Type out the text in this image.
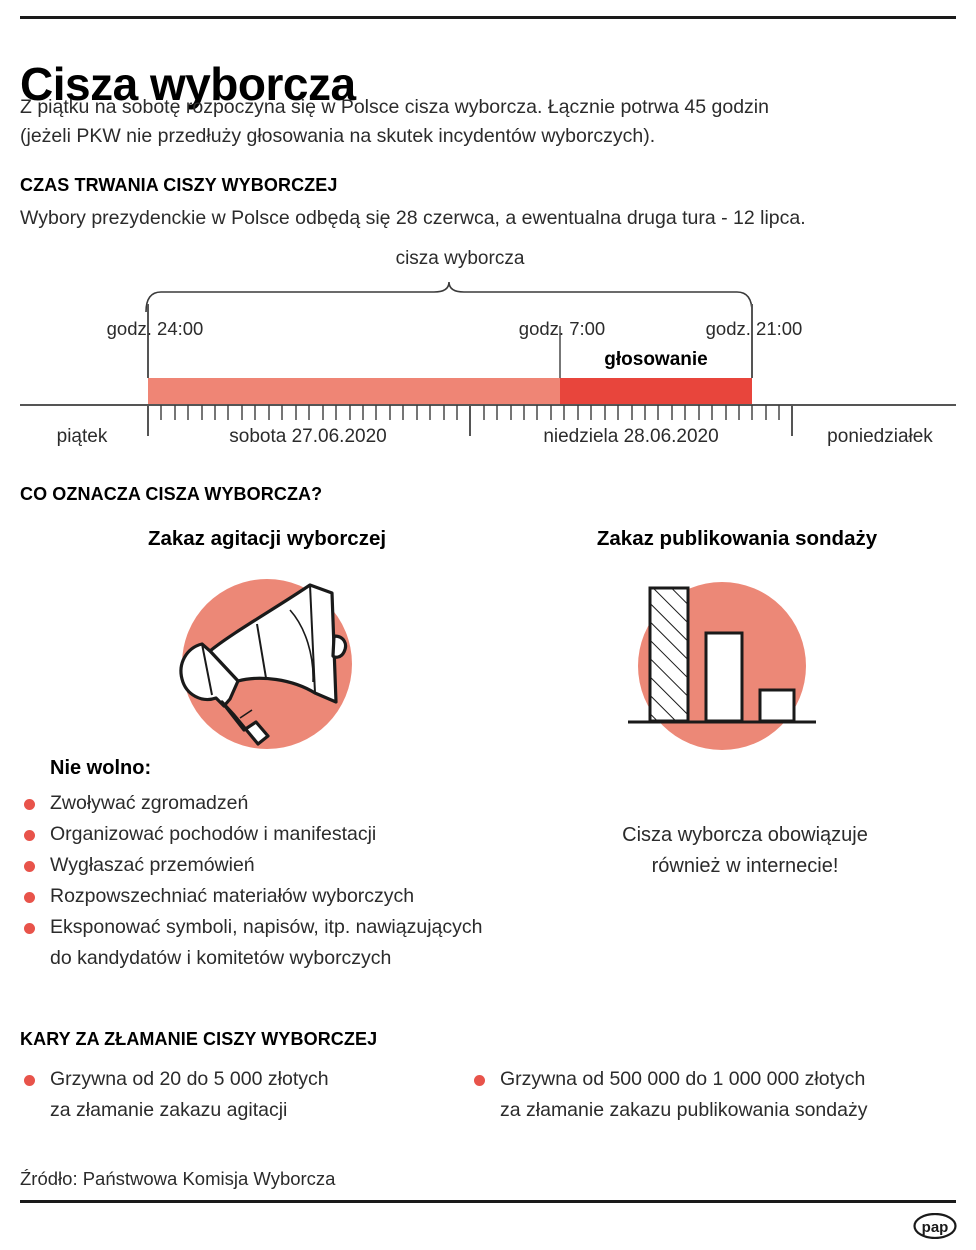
Cisza wyborcza
Z piątku na sobotę rozpoczyna się w Polsce cisza wyborcza. Łącznie potrwa 45 godzin
(jeżeli PKW nie przedłuży głosowania na skutek incydentów wyborczych).
CZAS TRWANIA CISZY WYBORCZEJ
Wybory prezydenckie w Polsce odbędą się 28 czerwca, a ewentualna druga tura - 12 lipca.
cisza wyborcza
godz. 24:00	godz. 7:00	godz. 21:00
głosowanie
piątek	sobota 27.06.2020	niedziela 28.06.2020	poniedziałek
CO OZNACZA CISZA WYBORCZA?
Zakaz agitacji wyborczej	Zakaz publikowania sondaży
Nie wolno:
Zwoływać zgromadzeń
Organizować pochodów i manifestacji
Wygłaszać przemówień
Rozpowszechniać materiałów wyborczych
Eksponować symboli, napisów, itp. nawiązujących
do kandydatów i komitetów wyborczych
Cisza wyborcza obowiązuje
również w internecie!
KARY ZA ZŁAMANIE CISZY WYBORCZEJ
Grzywna od 20 do 5 000 złotych
za złamanie zakazu agitacji
Grzywna od 500 000 do 1 000 000 złotych
za złamanie zakazu publikowania sondaży
Źródło: Państwowa Komisja Wyborcza
pap
